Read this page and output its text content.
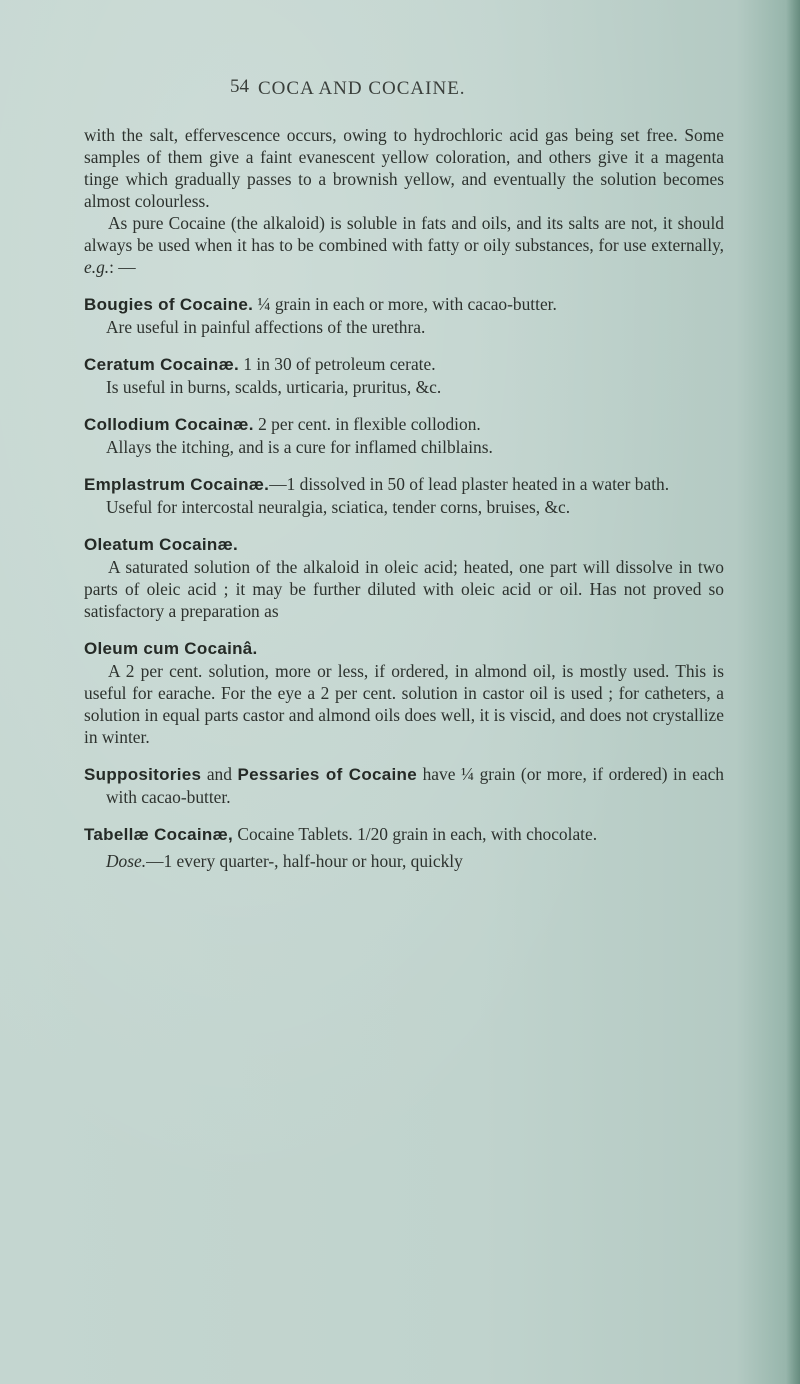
54 COCA AND COCAINE.

with the salt, effervescence occurs, owing to hydrochloric acid gas being set free. Some samples of them give a faint evanescent yellow coloration, and others give it a magenta tinge which gradually passes to a brownish yellow, and eventually the solution becomes almost colourless.

As pure Cocaine (the alkaloid) is soluble in fats and oils, and its salts are not, it should always be used when it has to be combined with fatty or oily substances, for use externally, e.g.: —

Bougies of Cocaine. ¼ grain in each or more, with cacao-butter.

Are useful in painful affections of the urethra.

Ceratum Cocainæ. 1 in 30 of petroleum cerate.

Is useful in burns, scalds, urticaria, pruritus, &c.

Collodium Cocainæ. 2 per cent. in flexible collodion.

Allays the itching, and is a cure for inflamed chilblains.

Emplastrum Cocainæ.—1 dissolved in 50 of lead plaster heated in a water bath.

Useful for intercostal neuralgia, sciatica, tender corns, bruises, &c.

Oleatum Cocainæ.

A saturated solution of the alkaloid in oleic acid; heated, one part will dissolve in two parts of oleic acid ; it may be further diluted with oleic acid or oil. Has not proved so satisfactory a preparation as

Oleum cum Cocainâ.

A 2 per cent. solution, more or less, if ordered, in almond oil, is mostly used. This is useful for earache. For the eye a 2 per cent. solution in castor oil is used ; for catheters, a solution in equal parts castor and almond oils does well, it is viscid, and does not crystallize in winter.

Suppositories and Pessaries of Cocaine have ¼ grain (or more, if ordered) in each with cacao-butter.

Tabellæ Cocainæ, Cocaine Tablets. 1/20 grain in each, with chocolate.

Dose.—1 every quarter-, half-hour or hour, quickly
